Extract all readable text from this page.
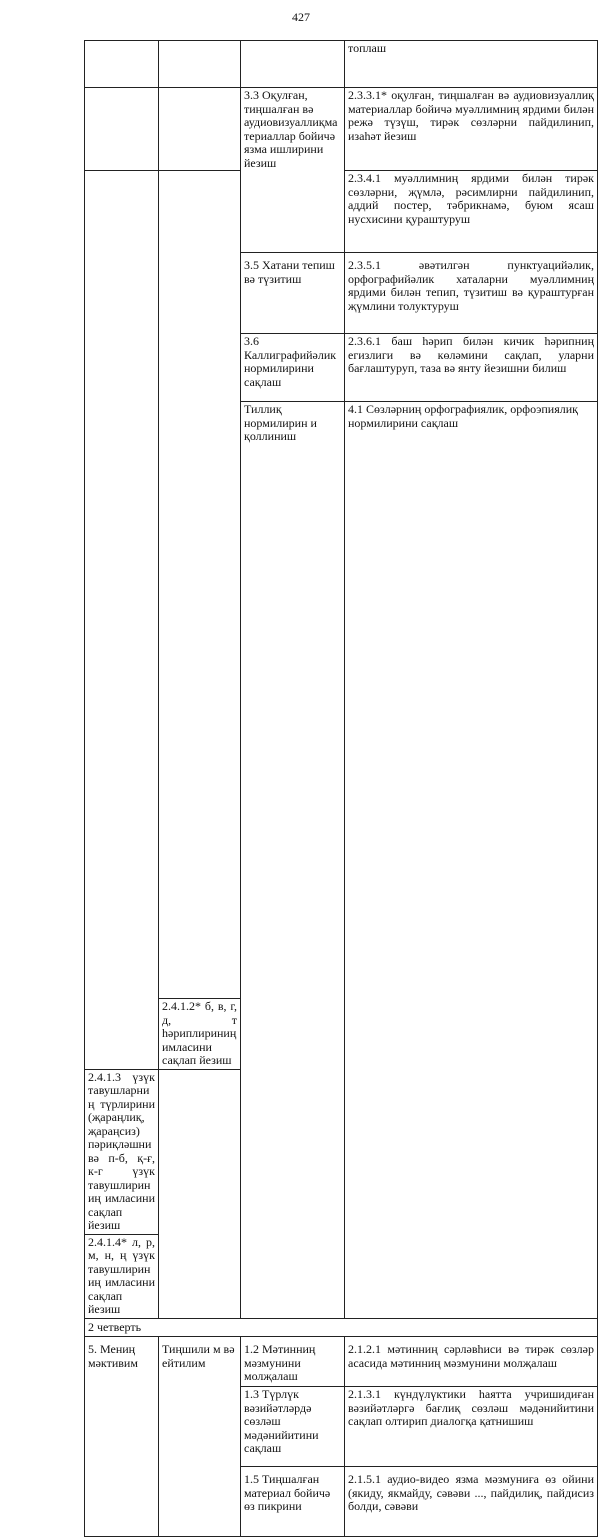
427
			топлаш	
		3.3 Оқулған, тиңшалған вә аудиовизуаллиқматериаллар бойичә язма ишлирини йезиш	2.3.3.1* оқулған, тиңшалған вә аудиовизуаллиқ материаллар бойичә муәллимниң ярдими билән режә түзүш, тирәк сөзләрни пайдилинип, изаһәт йезиш	
			2.3.4.1 муәллимниң ярдими билән тирәк сөзләрни, җүмлә, рәсимлирни пайдилинип, аддий постер, тәбрикнамә, буюм ясаш нусхисини қураштуруш	
		3.5 Хатани тепиш вә түзитиш	2.3.5.1 әвәтилгән пунктуацийәлик, орфографийәлик хаталарни муәллимниң ярдими билән тепип, түзитиш вә қураштурған җүмлини толуктуруш	
		3.6 Каллиграфийәлик нормилирини сақлаш	2.3.6.1 баш һәрип билән кичик һәрипниң егизлиги вә көләмини сақлап, уларни бағлаштуруп, таза вә янту йезишни билиш	
		Тиллиқ нормилирин и қоллиниш	4.1 Сөзләрниң орфографиялик, орфоэпиялиқ нормилирини сақлаш	
	2.4.1.2* б, в, г, д, т һәриплириниң имласини сақлап йезиш			
2.4.1.3 үзүк тавушларниң түрлирини (җараңлиқ, җараңсиз) пәриқләшни вә п-б, қ-ғ, к-г үзүк тавушлириниң имласини сақлап йезиш				
2.4.1.4* л, р, м, н, ң үзүк тавушлириниң имласини сақлап йезиш				
2 четверть				
5. Мениң мәктивим	Тиңшили м вә ейтилим	1.2 Мәтинниң мәзмунини молҗалаш	2.1.2.1 мәтинниң сәрләвһиси вә тирәк сөзләр асасида мәтинниң мәзмунини молҗалаш	
		1.3 Түрлүк вәзийәтләрдә сөзләш мәдәнийитини сақлаш	2.1.3.1 күндүлүктики һаятта учришидиған вәзийәтләргә бағлиқ сөзләш мәдәнийитини сақлап олтирип диалогқа қатнишиш	
		1.5 Тиңшалған материал бойичә өз пикрини	2.1.5.1 аудио-видео язма мәзмуниға өз ойини (якиду, якмайду, сәвәви ..., пайдилиқ, пайдисиз болди, сәвәви	
